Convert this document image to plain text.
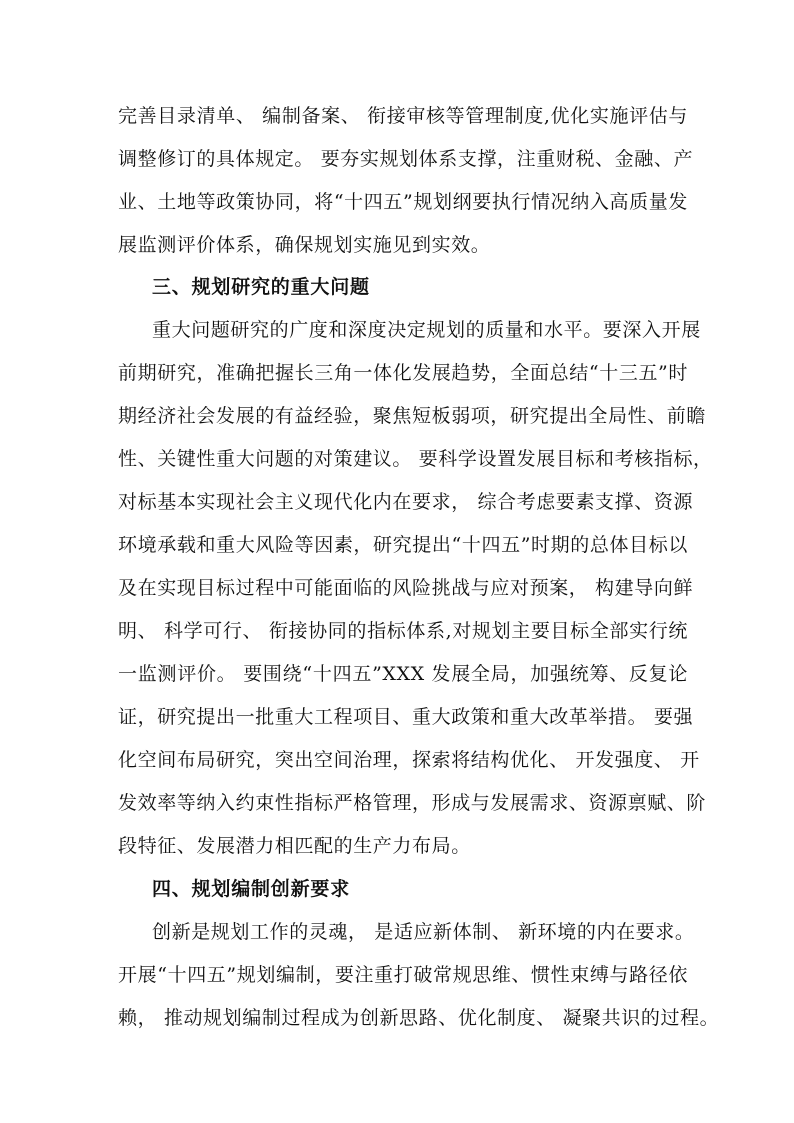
完善目录清单、 编制备案、 衔接审核等管理制度,优化实施评估与
调整修订的具体规定。 要夯实规划体系支撑，注重财税、金融、产
业、土地等政策协同，将“十四五”规划纲要执行情况纳入高质量发
展监测评价体系，确保规划实施见到实效。
三、规划研究的重大问题
重大问题研究的广度和深度决定规划的质量和水平。要深入开展
前期研究，准确把握长三角一体化发展趋势，全面总结“十三五”时
期经济社会发展的有益经验，聚焦短板弱项，研究提出全局性、前瞻
性、关键性重大问题的对策建议。 要科学设置发展目标和考核指标，
对标基本实现社会主义现代化内在要求， 综合考虑要素支撑、资源
环境承载和重大风险等因素，研究提出“十四五”时期的总体目标以
及在实现目标过程中可能面临的风险挑战与应对预案， 构建导向鲜
明、 科学可行、 衔接协同的指标体系,对规划主要目标全部实行统
一监测评价。 要围绕“十四五”XXX 发展全局，加强统筹、反复论
证，研究提出一批重大工程项目、重大政策和重大改革举措。 要强
化空间布局研究，突出空间治理，探索将结构优化、 开发强度、 开
发效率等纳入约束性指标严格管理，形成与发展需求、资源禀赋、阶
段特征、发展潜力相匹配的生产力布局。
四、规划编制创新要求
创新是规划工作的灵魂， 是适应新体制、 新环境的内在要求。
开展“十四五”规划编制，要注重打破常规思维、惯性束缚与路径依
赖， 推动规划编制过程成为创新思路、优化制度、 凝聚共识的过程。
